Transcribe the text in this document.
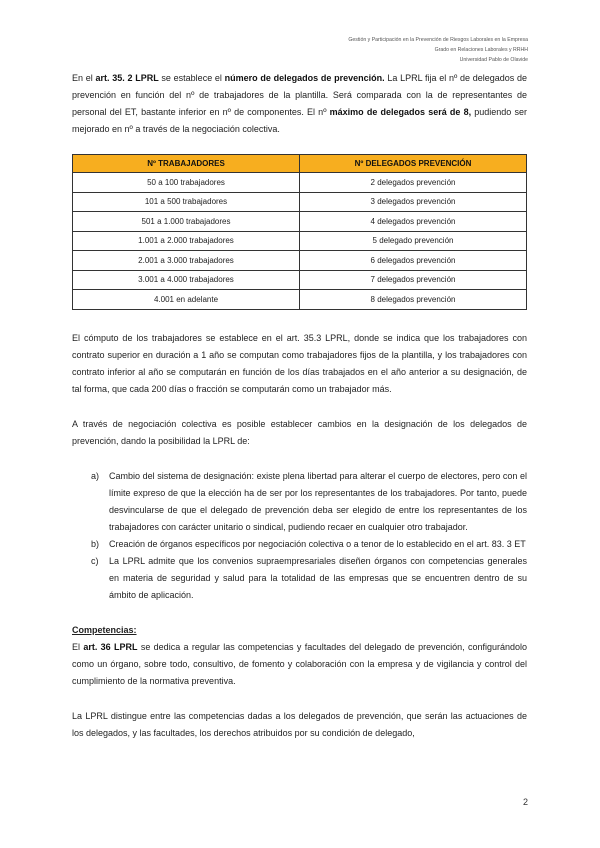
Gestión y Participación en la Prevención de Riesgos Laborales en la Empresa
Grado en Relaciones Laborales y RRHH
Universidad Pablo de Olavide

En el art. 35. 2 LPRL se establece el número de delegados de prevención. La LPRL fija el nº de delegados de prevención en función del nº de trabajadores de la plantilla. Será comparada con la de representantes de personal del ET, bastante inferior en nº de componentes. El nº máximo de delegados será de 8, pudiendo ser mejorado en nº a través de la negociación colectiva.

Nº TRABAJADORES	Nº DELEGADOS PREVENCIÓN
50 a 100 trabajadores	2 delegados prevención
101 a 500 trabajadores	3 delegados prevención
501 a 1.000 trabajadores	4 delegados prevención
1.001 a 2.000 trabajadores	5 delegado prevención
2.001 a 3.000 trabajadores	6 delegados prevención
3.001 a 4.000 trabajadores	7 delegados prevención
4.001 en adelante	8 delegados prevención

El cómputo de los trabajadores se establece en el art. 35.3 LPRL, donde se indica que los trabajadores con contrato superior en duración a 1 año se computan como trabajadores fijos de la plantilla, y los trabajadores con contrato inferior al año se computarán en función de los días trabajados en el año anterior a su designación, de tal forma, que cada 200 días o fracción se computarán como un trabajador más.

A través de negociación colectiva es posible establecer cambios en la designación de los delegados de prevención, dando la posibilidad la LPRL de:

a) Cambio del sistema de designación: existe plena libertad para alterar el cuerpo de electores, pero con el límite expreso de que la elección ha de ser por los representantes de los trabajadores. Por tanto, puede desvincularse de que el delegado de prevención deba ser elegido de entre los representantes de los trabajadores con carácter unitario o sindical, pudiendo recaer en cualquier otro trabajador.
b) Creación de órganos específicos por negociación colectiva o a tenor de lo establecido en el art. 83. 3 ET
c) La LPRL admite que los convenios supraempresariales diseñen órganos con competencias generales en materia de seguridad y salud para la totalidad de las empresas que se encuentren dentro de su ámbito de aplicación.
Competencias:

El art. 36 LPRL se dedica a regular las competencias y facultades del delegado de prevención, configurándolo como un órgano, sobre todo, consultivo, de fomento y colaboración con la empresa y de vigilancia y control del cumplimiento de la normativa preventiva.

La LPRL distingue entre las competencias dadas a los delegados de prevención, que serán las actuaciones de los delegados, y las facultades, los derechos atribuidos por su condición de delegado,

2
